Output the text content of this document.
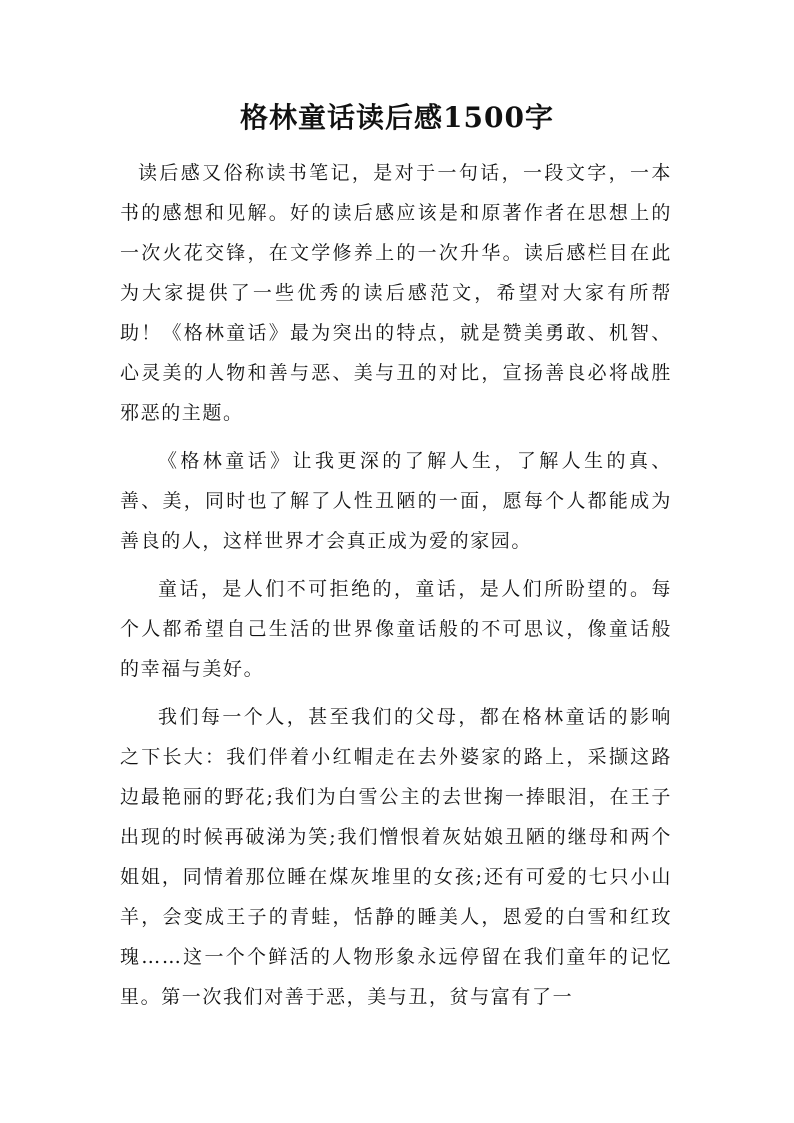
格林童话读后感1500字

读后感又俗称读书笔记，是对于一句话，一段文字，一本书的感想和见解。好的读后感应该是和原著作者在思想上的一次火花交锋，在文学修养上的一次升华。读后感栏目在此为大家提供了一些优秀的读后感范文，希望对大家有所帮助！《格林童话》最为突出的特点，就是赞美勇敢、机智、心灵美的人物和善与恶、美与丑的对比，宣扬善良必将战胜邪恶的主题。

《格林童话》让我更深的了解人生，了解人生的真、善、美，同时也了解了人性丑陋的一面，愿每个人都能成为善良的人，这样世界才会真正成为爱的家园。

童话，是人们不可拒绝的，童话，是人们所盼望的。每个人都希望自己生活的世界像童话般的不可思议，像童话般的幸福与美好。

我们每一个人，甚至我们的父母，都在格林童话的影响之下长大：我们伴着小红帽走在去外婆家的路上，采撷这路边最艳丽的野花;我们为白雪公主的去世掬一捧眼泪，在王子出现的时候再破涕为笑;我们憎恨着灰姑娘丑陋的继母和两个姐姐，同情着那位睡在煤灰堆里的女孩;还有可爱的七只小山羊，会变成王子的青蛙，恬静的睡美人，恩爱的白雪和红玫瑰……这一个个鲜活的人物形象永远停留在我们童年的记忆里。第一次我们对善于恶，美与丑，贫与富有了一
